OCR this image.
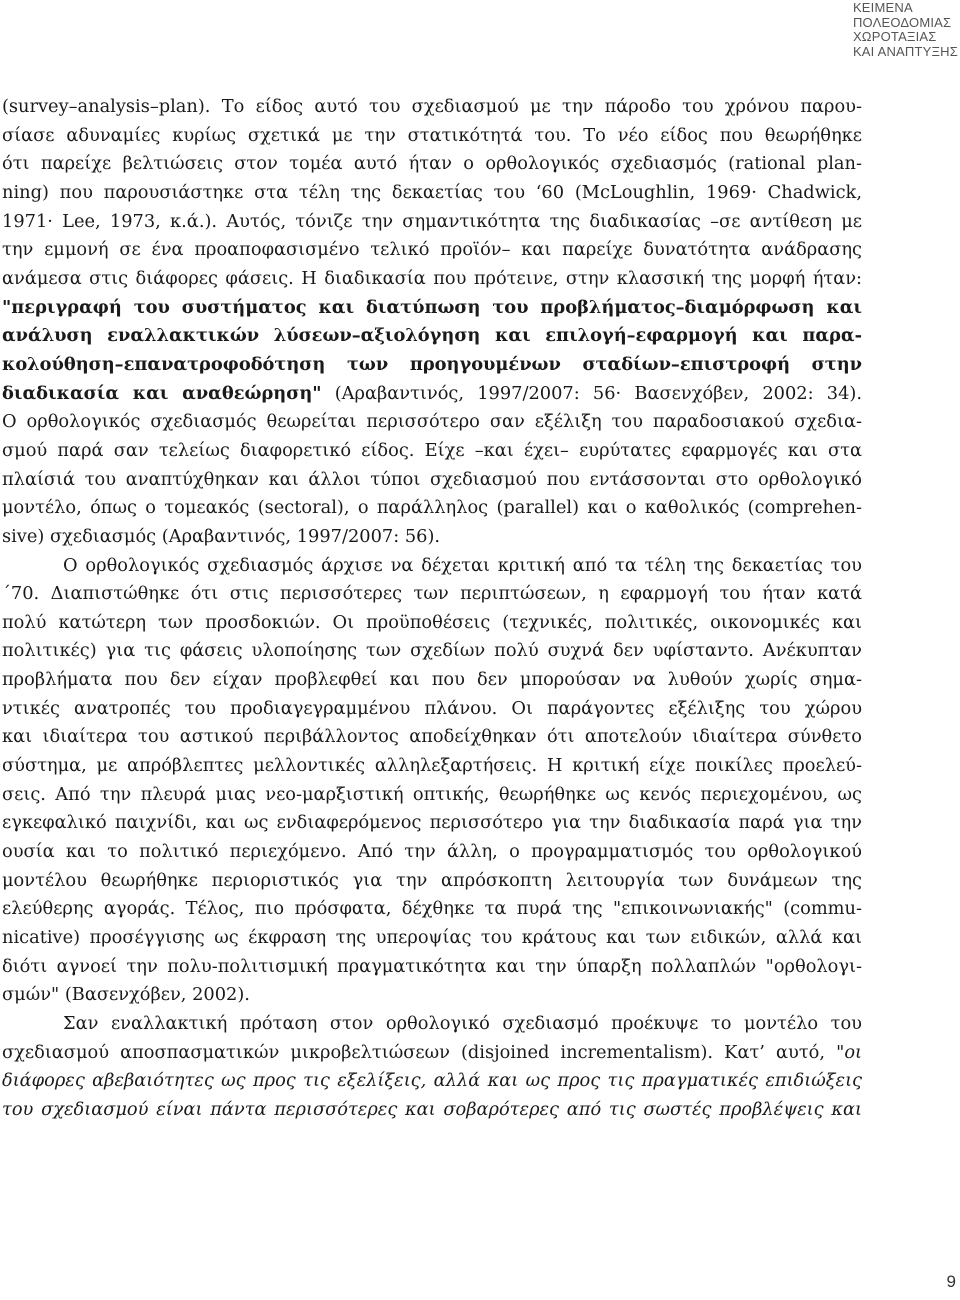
ΚΕΙΜΕΝΑ
ΠΟΛΕΟΔΟΜΙΑΣ
ΧΩΡΟΤΑΞΙΑΣ
ΚΑΙ ΑΝΑΠΤΥΞΗΣ

(survey–analysis–plan). Το είδος αυτό του σχεδιασμού με την πάροδο του χρόνου παρου-
σίασε αδυναμίες κυρίως σχετικά με την στατικότητά του. Το νέο είδος που θεωρήθηκε
ότι παρείχε βελτιώσεις στον τομέα αυτό ήταν ο ορθολογικός σχεδιασμός (rational plan-
ning) που παρουσιάστηκε στα τέλη της δεκαετίας του ‘60 (McLoughlin, 1969· Chadwick,
1971· Lee, 1973, κ.ά.). Αυτός, τόνιζε την σημαντικότητα της διαδικασίας –σε αντίθεση με
την εμμονή σε ένα προαποφασισμένο τελικό προϊόν– και παρείχε δυνατότητα ανάδρασης
ανάμεσα στις διάφορες φάσεις. Η διαδικασία που πρότεινε, στην κλασσική της μορφή ήταν:
"περιγραφή του συστήματος και διατύπωση του προβλήματος–διαμόρφωση και
ανάλυση εναλλακτικών λύσεων–αξιολόγηση και επιλογή–εφαρμογή και παρα-
κολούθηση–επανατροφοδότηση των προηγουμένων σταδίων–επιστροφή στην
διαδικασία και αναθεώρηση" (Αραβαντινός, 1997/2007: 56· Βασενχόβεν, 2002: 34).
Ο ορθολογικός σχεδιασμός θεωρείται περισσότερο σαν εξέλιξη του παραδοσιακού σχεδια-
σμού παρά σαν τελείως διαφορετικό είδος. Είχε –και έχει– ευρύτατες εφαρμογές και στα
πλαίσιά του αναπτύχθηκαν και άλλοι τύποι σχεδιασμού που εντάσσονται στο ορθολογικό
μοντέλο, όπως ο τομεακός (sectoral), ο παράλληλος (parallel) και ο καθολικός (comprehen-
sive) σχεδιασμός (Αραβαντινός, 1997/2007: 56).

Ο ορθολογικός σχεδιασμός άρχισε να δέχεται κριτική από τα τέλη της δεκαετίας του
΄70. Διαπιστώθηκε ότι στις περισσότερες των περιπτώσεων, η εφαρμογή του ήταν κατά
πολύ κατώτερη των προσδοκιών. Οι προϋποθέσεις (τεχνικές, πολιτικές, οικονομικές και
πολιτικές) για τις φάσεις υλοποίησης των σχεδίων πολύ συχνά δεν υφίσταντο. Ανέκυπταν
προβλήματα που δεν είχαν προβλεφθεί και που δεν μπορούσαν να λυθούν χωρίς σημα-
ντικές ανατροπές του προδιαγεγραμμένου πλάνου. Οι παράγοντες εξέλιξης του χώρου
και ιδιαίτερα του αστικού περιβάλλοντος αποδείχθηκαν ότι αποτελούν ιδιαίτερα σύνθετο
σύστημα, με απρόβλεπτες μελλοντικές αλληλεξαρτήσεις. Η κριτική είχε ποικίλες προελεύ-
σεις. Από την πλευρά μιας νεο-μαρξιστική οπτικής, θεωρήθηκε ως κενός περιεχομένου, ως
εγκεφαλικό παιχνίδι, και ως ενδιαφερόμενος περισσότερο για την διαδικασία παρά για την
ουσία και το πολιτικό περιεχόμενο. Από την άλλη, ο προγραμματισμός του ορθολογικού
μοντέλου θεωρήθηκε περιοριστικός για την απρόσκοπτη λειτουργία των δυνάμεων της
ελεύθερης αγοράς. Τέλος, πιο πρόσφατα, δέχθηκε τα πυρά της "επικοινωνιακής" (commu-
nicative) προσέγγισης ως έκφραση της υπεροψίας του κράτους και των ειδικών, αλλά και
διότι αγνοεί την πολυ-πολιτισμική πραγματικότητα και την ύπαρξη πολλαπλών "ορθολογι-
σμών" (Βασενχόβεν, 2002).

Σαν εναλλακτική πρόταση στον ορθολογικό σχεδιασμό προέκυψε το μοντέλο του
σχεδιασμού αποσπασματικών μικροβελτιώσεων (disjoined incrementalism). Κατ’ αυτό, "οι
διάφορες αβεβαιότητες ως προς τις εξελίξεις, αλλά και ως προς τις πραγματικές επιδιώξεις
του σχεδιασμού είναι πάντα περισσότερες και σοβαρότερες από τις σωστές προβλέψεις και

9
